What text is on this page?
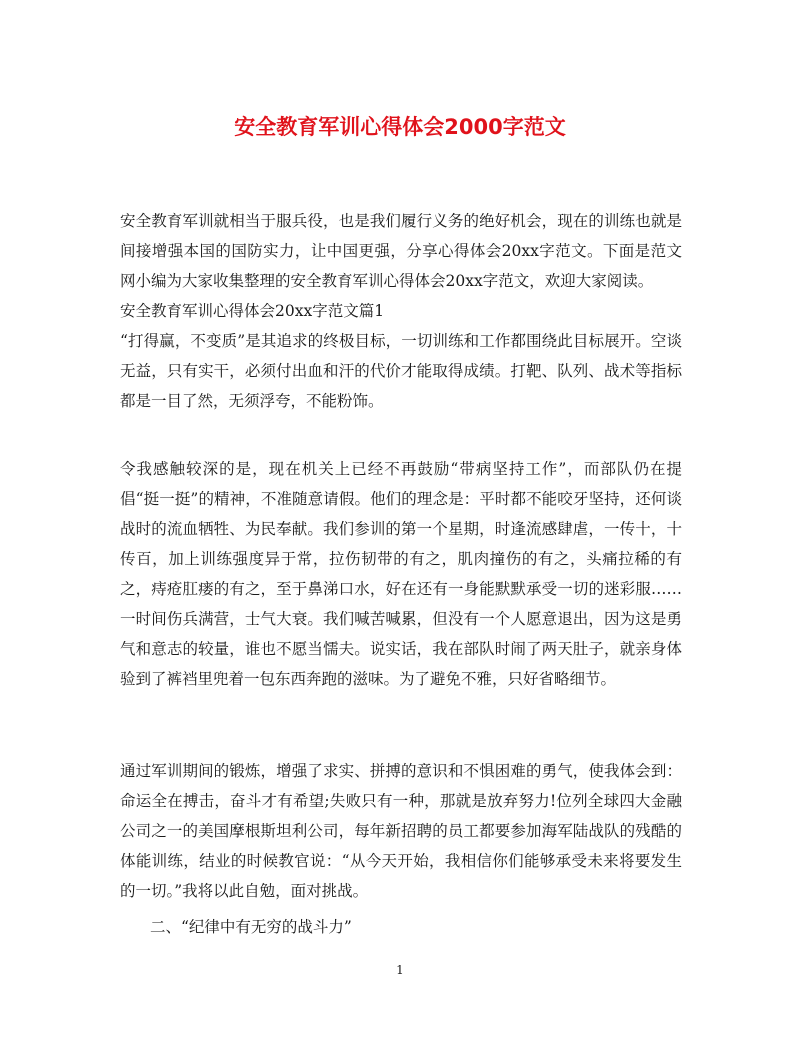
安全教育军训心得体会2000字范文

安全教育军训就相当于服兵役，也是我们履行义务的绝好机会，现在的训练也就是间接增强本国的国防实力，让中国更强，分享心得体会20xx字范文。下面是范文网小编为大家收集整理的安全教育军训心得体会20xx字范文，欢迎大家阅读。

安全教育军训心得体会20xx字范文篇1

“打得赢，不变质”是其追求的终极目标，一切训练和工作都围绕此目标展开。空谈无益，只有实干，必须付出血和汗的代价才能取得成绩。打靶、队列、战术等指标都是一目了然，无须浮夸，不能粉饰。

令我感触较深的是，现在机关上已经不再鼓励“带病坚持工作”，而部队仍在提倡“挺一挺”的精神，不准随意请假。他们的理念是：平时都不能咬牙坚持，还何谈战时的流血牺牲、为民奉献。我们参训的第一个星期，时逢流感肆虐，一传十，十传百，加上训练强度异于常，拉伤韧带的有之，肌肉撞伤的有之，头痛拉稀的有之，痔疮肛瘘的有之，至于鼻涕口水，好在还有一身能默默承受一切的迷彩服……一时间伤兵满营，士气大衰。我们喊苦喊累，但没有一个人愿意退出，因为这是勇气和意志的较量，谁也不愿当懦夫。说实话，我在部队时闹了两天肚子，就亲身体验到了裤裆里兜着一包东西奔跑的滋味。为了避免不雅，只好省略细节。

通过军训期间的锻炼，增强了求实、拼搏的意识和不惧困难的勇气，使我体会到：命运全在搏击，奋斗才有希望;失败只有一种，那就是放弃努力!位列全球四大金融公司之一的美国摩根斯坦利公司，每年新招聘的员工都要参加海军陆战队的残酷的体能训练，结业的时候教官说：“从今天开始，我相信你们能够承受未来将要发生的一切。”我将以此自勉，面对挑战。

二、“纪律中有无穷的战斗力”

1
